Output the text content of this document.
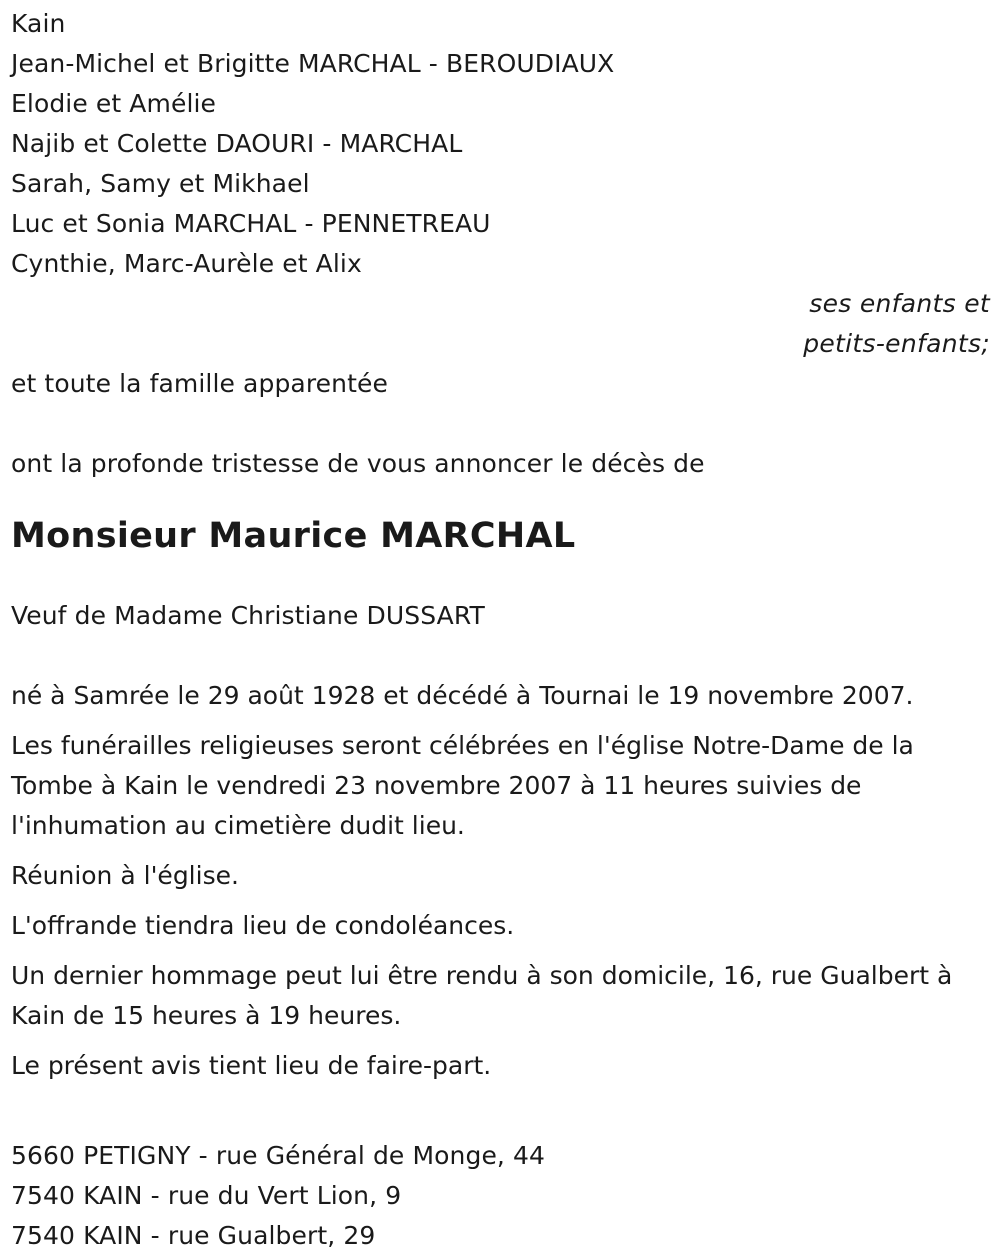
Kain
Jean-Michel et Brigitte MARCHAL - BEROUDIAUX
Elodie et Amélie
Najib et Colette DAOURI - MARCHAL
Sarah, Samy et Mikhael
Luc et Sonia MARCHAL - PENNETREAU
Cynthie, Marc-Aurèle et Alix
ses enfants et
petits-enfants;
et toute la famille apparentée
ont la profonde tristesse de vous annoncer le décès de
Monsieur Maurice MARCHAL
Veuf de Madame Christiane DUSSART
né à Samrée le 29 août 1928 et décédé à Tournai le 19 novembre 2007.
Les funérailles religieuses seront célébrées en l'église Notre-Dame de la Tombe à Kain le vendredi 23 novembre 2007 à 11 heures suivies de l'inhumation au cimetière dudit lieu.
Réunion à l'église.
L'offrande tiendra lieu de condoléances.
Un dernier hommage peut lui être rendu à son domicile, 16, rue Gualbert à Kain de 15 heures à 19 heures.
Le présent avis tient lieu de faire-part.
5660 PETIGNY - rue Général de Monge, 44
7540 KAIN - rue du Vert Lion, 9
7540 KAIN - rue Gualbert, 29
